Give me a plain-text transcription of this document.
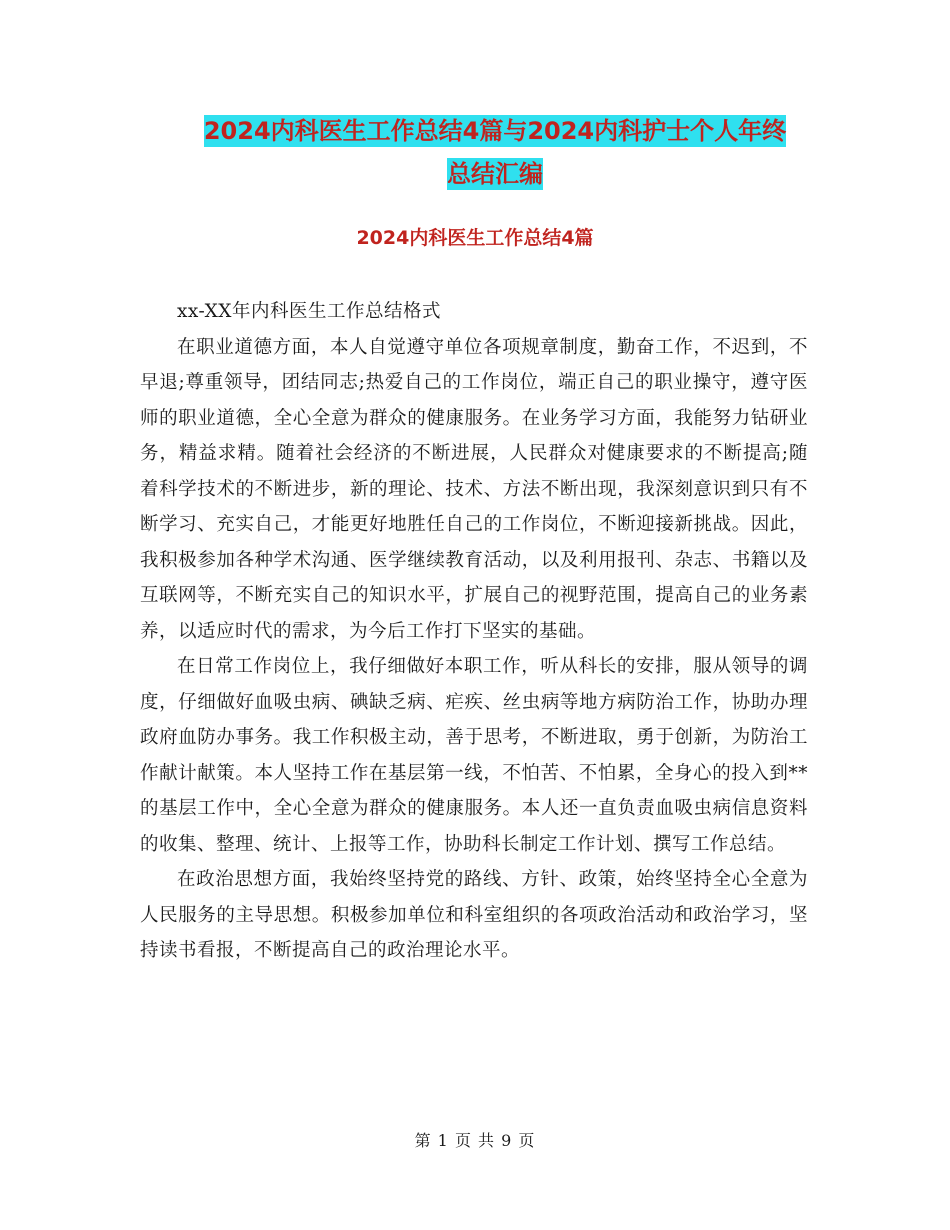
2024内科医生工作总结4篇与2024内科护士个人年终
总结汇编
2024内科医生工作总结4篇

xx-XX年内科医生工作总结格式

在职业道德方面，本人自觉遵守单位各项规章制度，勤奋工作，不迟到，不早退;尊重领导，团结同志;热爱自己的工作岗位，端正自己的职业操守，遵守医师的职业道德，全心全意为群众的健康服务。在业务学习方面，我能努力钻研业务，精益求精。随着社会经济的不断进展，人民群众对健康要求的不断提高;随着科学技术的不断进步，新的理论、技术、方法不断出现，我深刻意识到只有不断学习、充实自己，才能更好地胜任自己的工作岗位，不断迎接新挑战。因此，我积极参加各种学术沟通、医学继续教育活动，以及利用报刊、杂志、书籍以及互联网等，不断充实自己的知识水平，扩展自己的视野范围，提高自己的业务素养，以适应时代的需求，为今后工作打下坚实的基础。

在日常工作岗位上，我仔细做好本职工作，听从科长的安排，服从领导的调度，仔细做好血吸虫病、碘缺乏病、疟疾、丝虫病等地方病防治工作，协助办理政府血防办事务。我工作积极主动，善于思考，不断进取，勇于创新，为防治工作献计献策。本人坚持工作在基层第一线，不怕苦、不怕累，全身心的投入到**的基层工作中，全心全意为群众的健康服务。本人还一直负责血吸虫病信息资料的收集、整理、统计、上报等工作，协助科长制定工作计划、撰写工作总结。

在政治思想方面，我始终坚持党的路线、方针、政策，始终坚持全心全意为人民服务的主导思想。积极参加单位和科室组织的各项政治活动和政治学习，坚持读书看报，不断提高自己的政治理论水平。

第 1 页 共 9 页
